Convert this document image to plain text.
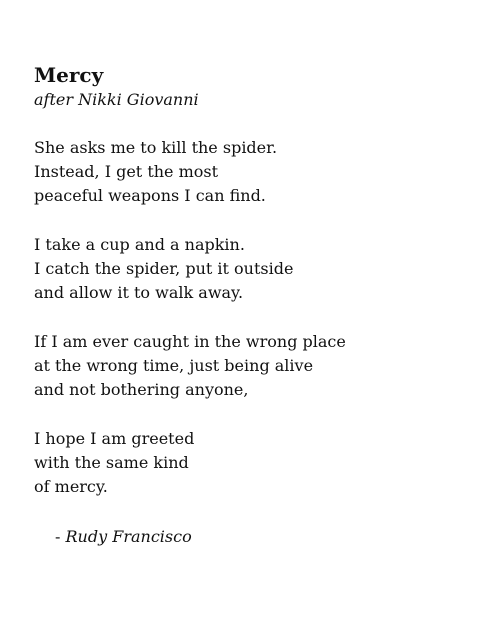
Mercy

after Nikki Giovanni

She asks me to kill the spider.
Instead, I get the most
peaceful weapons I can find.
I take a cup and a napkin.
I catch the spider, put it outside
and allow it to walk away.
If I am ever caught in the wrong place
at the wrong time, just being alive
and not bothering anyone,
I hope I am greeted
with the same kind
of mercy.

- Rudy Francisco
